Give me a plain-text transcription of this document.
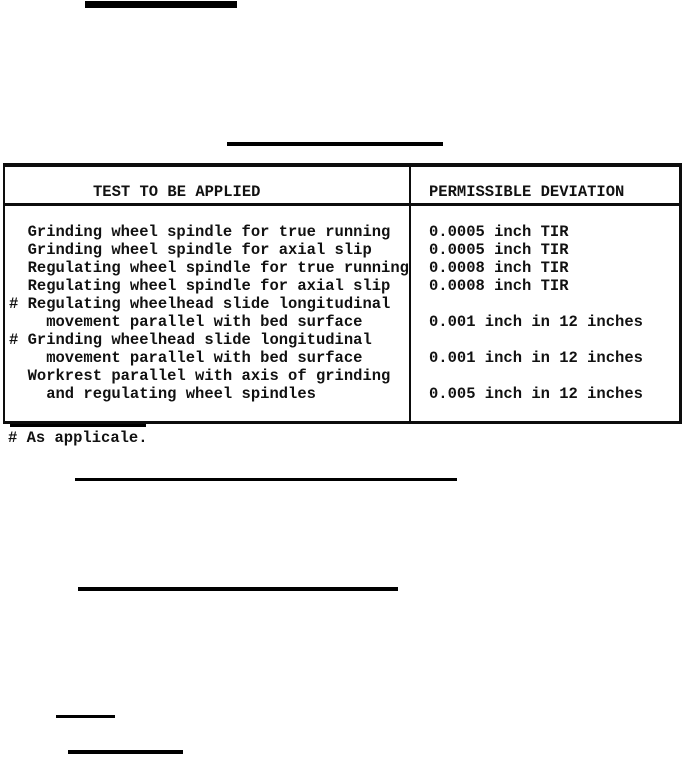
TEST TO BE APPLIED	PERMISSIBLE DEVIATION
Grinding wheel spindle for true running	0.0005 inch TIR
Grinding wheel spindle for axial slip	0.0005 inch TIR
Regulating wheel spindle for true running	0.0008 inch TIR
Regulating wheel spindle for axial slip	0.0008 inch TIR
# Regulating wheelhead slide longitudinal
movement parallel with bed surface	0.001 inch in 12 inches
# Grinding wheelhead slide longitudinal
movement parallel with bed surface	0.001 inch in 12 inches
Workrest parallel with axis of grinding
and regulating wheel spindles	0.005 inch in 12 inches
# As applicale.
